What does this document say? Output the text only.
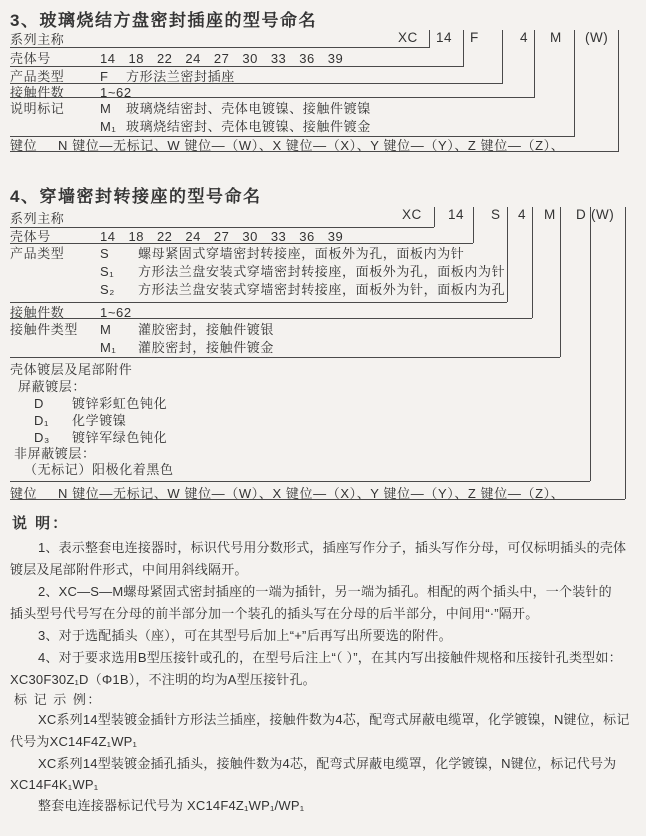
3、玻璃烧结方盘密封插座的型号命名
XC 14 F	4 M (W)
系列主称
壳体号	14 18 22 24 27 30 33 36 39
产品类型	F 方形法兰密封插座
接触件数	1~62
说明标记	M 玻璃烧结密封、壳体电镀镍、接触件镀镍
M₁ 玻璃烧结密封、壳体电镀镍、接触件镀金
键位 N 键位—无标记、W 键位—（W）、X 键位—（X）、Y 键位—（Y）、Z 键位—（Z）、
4、穿墙密封转接座的型号命名
XC 14 S 4 M D (W)
系列主称
壳体号	14 18 22 24 27 30 33 36 39
产品类型	S 螺母紧固式穿墙密封转接座，面板外为孔，面板内为针
S₁ 方形法兰盘安装式穿墙密封转接座，面板外为孔，面板内为针
S₂ 方形法兰盘安装式穿墙密封转接座，面板外为针，面板内为孔
接触件数	1~62
接触件类型 M 灌胶密封，接触件镀银
M₁ 灌胶密封，接触件镀金
壳体镀层及尾部附件
屏蔽镀层：
D 镀锌彩虹色钝化
D₁ 化学镀镍
D₃ 镀锌军绿色钝化
非屏蔽镀层：
（无标记）阳极化着黑色
键位 N 键位—无标记、W 键位—（W）、X 键位—（X）、Y 键位—（Y）、Z 键位—（Z）、
说 明：
1、表示整套电连接器时，标识代号用分数形式，插座写作分子，插头写作分母，可仅标明插头的壳体
镀层及尾部附件形式，中间用斜线隔开。
2、XC—S—M螺母紧固式密封插座的一端为插针，另一端为插孔。相配的两个插头中，一个装针的
插头型号代号写在分母的前半部分加一个装孔的插头写在分母的后半部分，中间用“·”隔开。
3、对于选配插头（座），可在其型号后加上“+”后再写出所要选的附件。
4、对于要求选用B型压接针或孔的，在型号后注上“（ ）”，在其内写出接触件规格和压接针孔类型如：
XC30F30Z₁D（Φ1B），不注明的均为A型压接针孔。
标 记 示 例：
XC系列14型装镀金插针方形法兰插座，接触件数为4芯，配弯式屏蔽电缆罩，化学镀镍，N键位，标记
代号为XC14F4Z₁WP₁
XC系列14型装镀金插孔插头，接触件数为4芯，配弯式屏蔽电缆罩，化学镀镍，N键位，标记代号为
XC14F4K₁WP₁
整套电连接器标记代号为 XC14F4Z₁WP₁/WP₁
